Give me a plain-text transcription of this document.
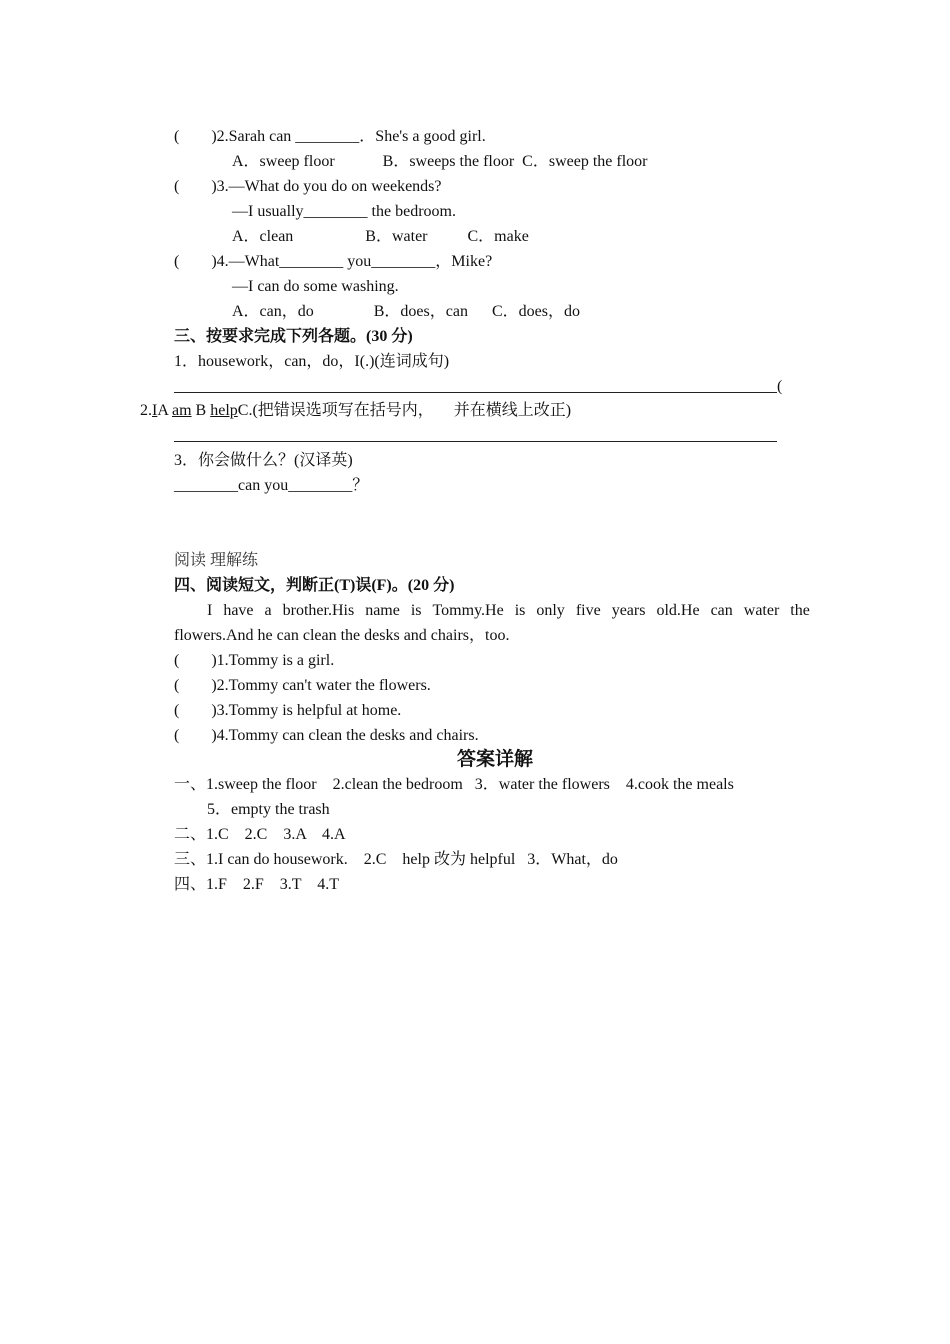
(        )2.Sarah can ________．She's a good girl.
A．sweep floor            B．sweeps the floor  C．sweep the floor
(        )3.—What do you do on weekends?
—I usually________ the bedroom.
A．clean                  B．water          C．make
(        )4.—What________ you________，Mike?
—I can do some washing.
A．can，do               B．does，can      C．does，do
三、按要求完成下列各题。(30 分)
1．housework，can，do，I(.)(连词成句)
(
2.IA am B helpC.(把错误选项写在括号内，     并在横线上改正)
3．你会做什么？(汉译英)
________can you________？
阅读 理解练
四、阅读短文，判断正(T)误(F)。(20 分)
I have a brother.His name is Tommy.He is only five years old.He can water the
flowers.And he can clean the desks and chairs，too.
(        )1.Tommy is a girl.
(        )2.Tommy can't water the flowers.
(        )3.Tommy is helpful at home.
(        )4.Tommy can clean the desks and chairs.
答案详解
一、1.sweep the floor    2.clean the bedroom   3．water the flowers    4.cook the meals
5．empty the trash
二、1.C    2.C    3.A    4.A
三、1.I can do housework.    2.C    help 改为 helpful   3．What，do
四、1.F    2.F    3.T    4.T
